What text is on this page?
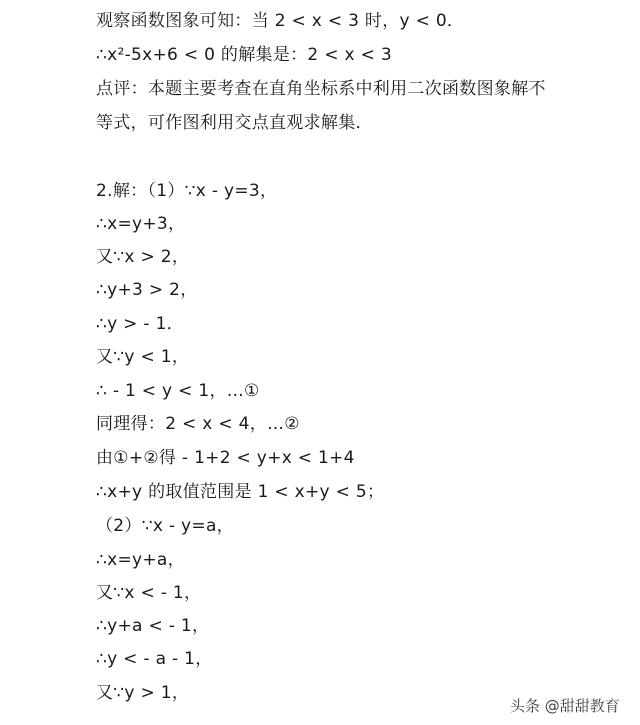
观察函数图象可知：当 2 < x < 3 时，y < 0．
∴x²-5x+6 < 0 的解集是：2 < x < 3
点评：本题主要考查在直角坐标系中利用二次函数图象解不
等式，可作图利用交点直观求解集．
2.解：（1）∵x - y=3，
∴x=y+3，
又∵x > 2，
∴y+3 > 2，
∴y > - 1．
又∵y < 1，
∴ - 1 < y < 1，…①
同理得：2 < x < 4，…②
由①+②得 - 1+2 < y+x < 1+4
∴x+y 的取值范围是 1 < x+y < 5；
（2）∵x - y=a，
∴x=y+a，
又∵x < - 1，
∴y+a < - 1，
∴y < - a - 1，
又∵y > 1，
头条 @甜甜教育
